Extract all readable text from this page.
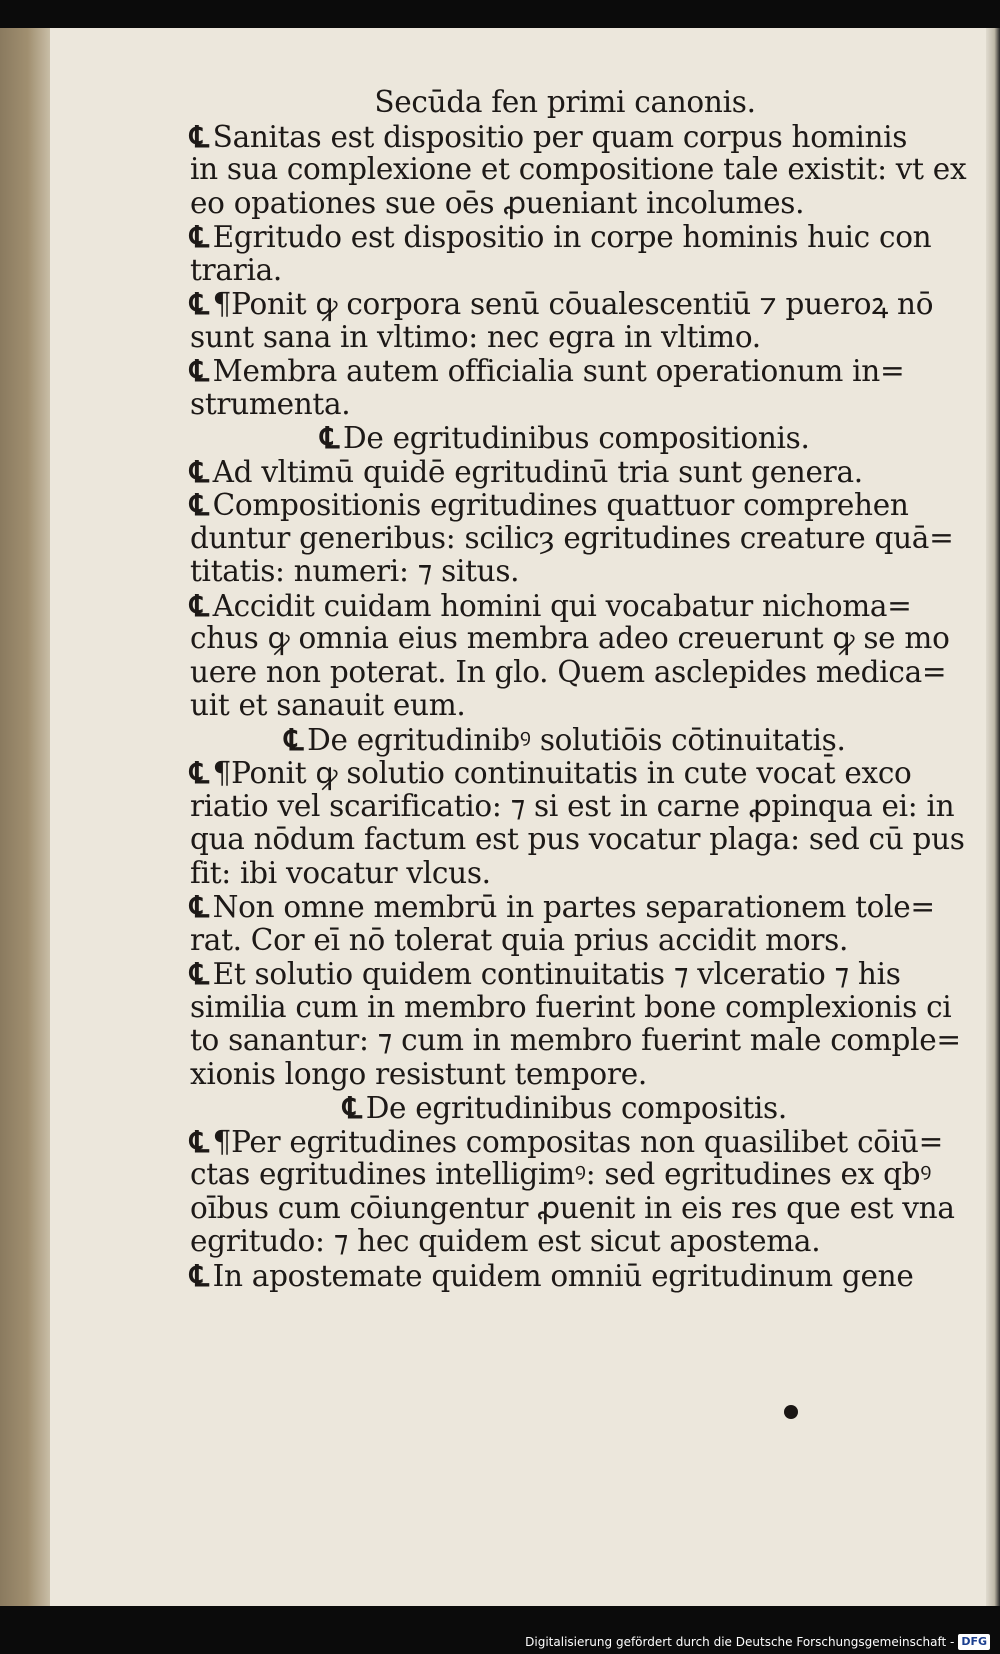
Secūda fen primi canonis.
℄ Sanitas est dispositio per quam corpus hominis
in sua complexione et compositione tale existit: vt ex
eo opationes sue oēs ꝓueniant incolumes.
℄ Egritudo est dispositio in corpe hominis huic con
traria.
℄ ¶Ponit ꝙ corpora senū cōualescentiū ⁊ pueroꝝ nō
sunt sana in vltimo: nec egra in vltimo.
℄ Membra autem officialia sunt operationum in=
strumenta.
℄ De egritudinibus compositionis.
℄ Ad vltimū quidē egritudinū tria sunt genera.
℄ Compositionis egritudines quattuor comprehen
duntur generibus: scilicȝ egritudines creature quā=
titatis: numeri: ⁊ situs.
℄ Accidit cuidam homini qui vocabatur nichoma=
chus ꝙ omnia eius membra adeo creuerunt ꝙ se mo
uere non poterat. In glo. Quem asclepides medica=
uit et sanauit eum.
℄ De egritudinibꝰ solutiōis cōtinuitatis.
℄ ¶Ponit ꝙ solutio continuitatis in cute vocat̄ exco
riatio vel scarificatio: ⁊ si est in carne ꝓpinqua ei: in
qua nōdum factum est pus vocatur plaga: sed cū pus
fit: ibi vocatur vlcus.
℄ Non omne membrū in partes separationem tole=
rat. Cor eī nō tolerat quia prius accidit mors.
℄ Et solutio quidem continuitatis ⁊ vlceratio ⁊ his
similia cum in membro fuerint bone complexionis ci
to sanantur: ⁊ cum in membro fuerint male comple=
xionis longo resistunt tempore.
℄ De egritudinibus compositis.
℄ ¶Per egritudines compositas non quasilibet cōiū=
ctas egritudines intelligimꝰ: sed egritudines ex qbꝰ
oībus cum cōiungentur ꝓuenit in eis res que est vna
egritudo: ⁊ hec quidem est sicut apostema.
℄ In apostemate quidem omniū egritudinum gene
Digitalisierung gefördert durch die Deutsche Forschungsgemeinschaft - DFG
